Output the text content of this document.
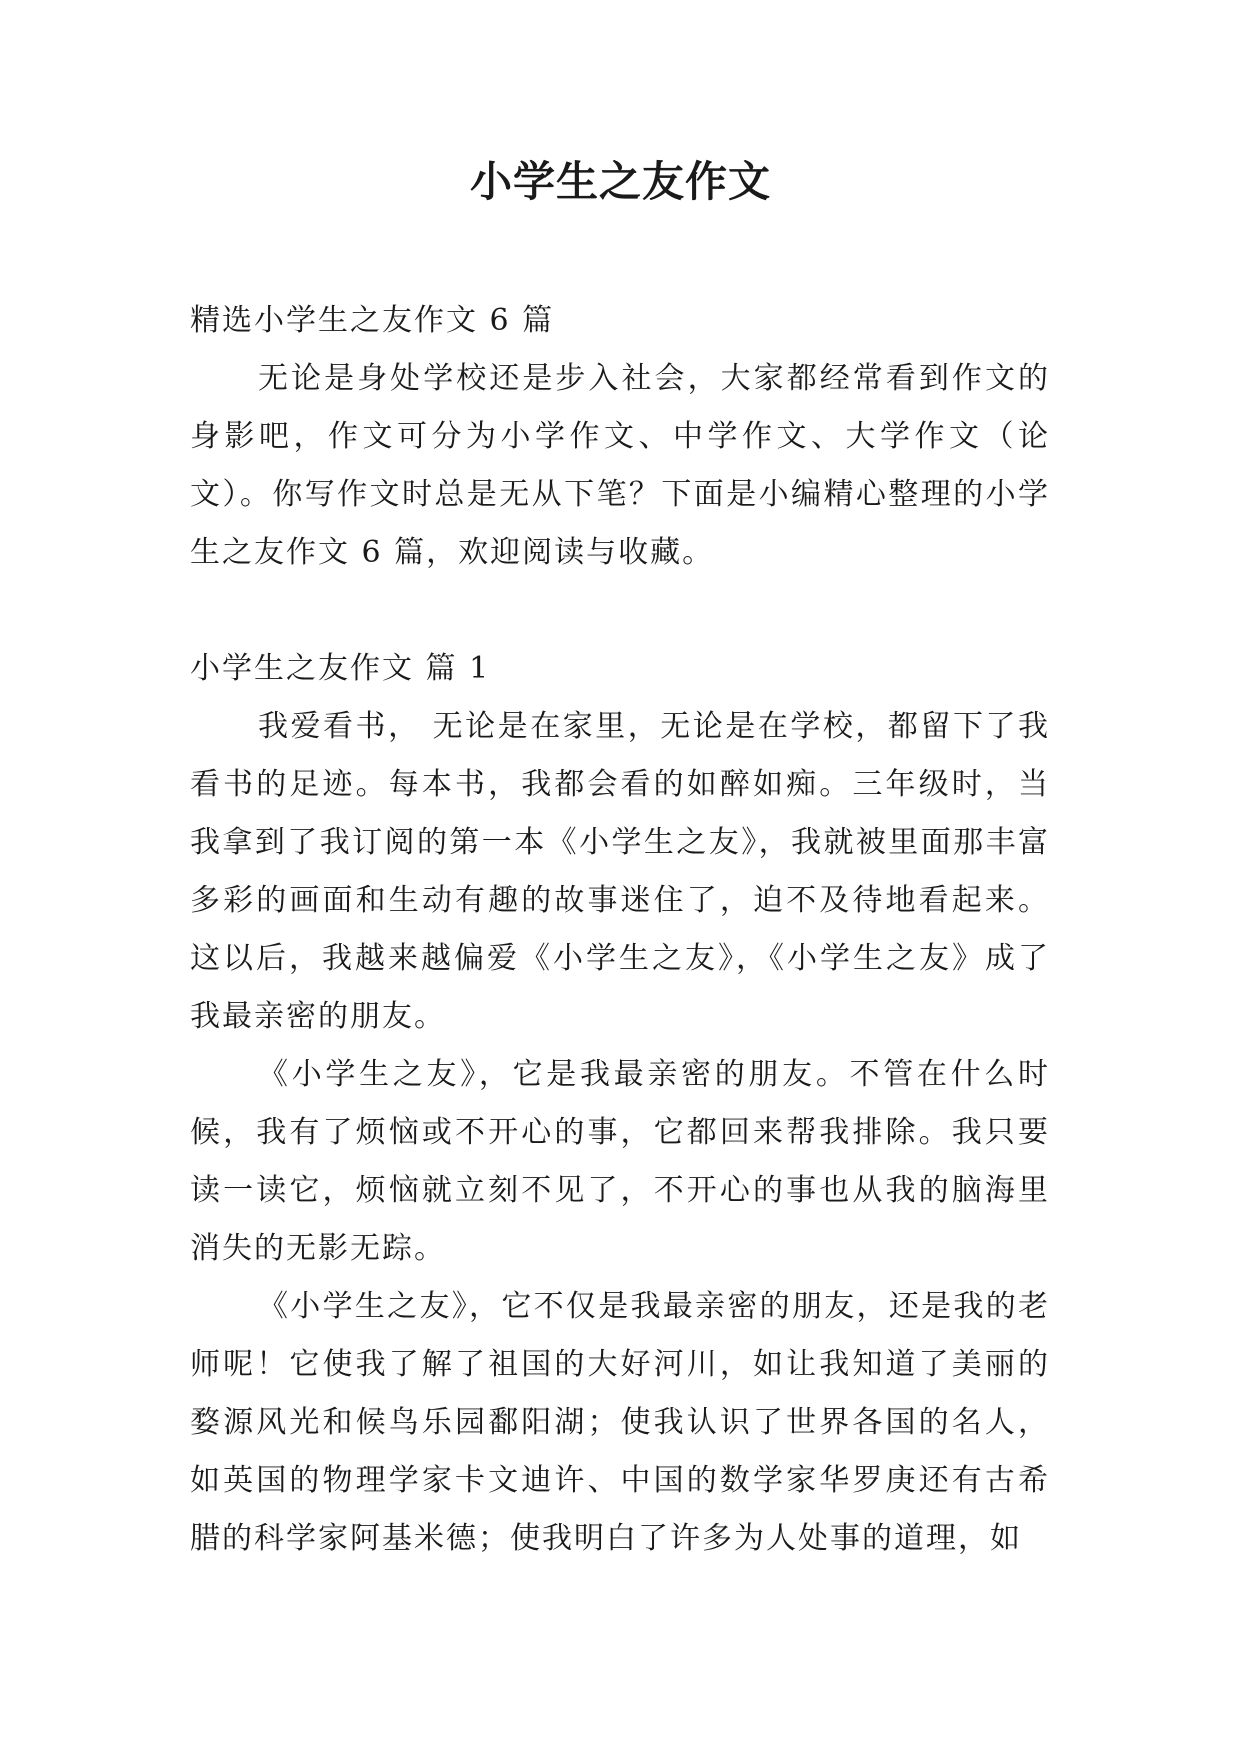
小学生之友作文

精选小学生之友作文 6 篇

无论是身处学校还是步入社会，大家都经常看到作文的身影吧，作文可分为小学作文、中学作文、大学作文（论文）。你写作文时总是无从下笔？下面是小编精心整理的小学生之友作文 6 篇，欢迎阅读与收藏。

小学生之友作文 篇 1

我爱看书， 无论是在家里，无论是在学校，都留下了我看书的足迹。每本书，我都会看的如醉如痴。三年级时，当我拿到了我订阅的第一本《小学生之友》，我就被里面那丰富多彩的画面和生动有趣的故事迷住了，迫不及待地看起来。这以后，我越来越偏爱《小学生之友》，《小学生之友》成了我最亲密的朋友。

《小学生之友》，它是我最亲密的朋友。不管在什么时候，我有了烦恼或不开心的事，它都回来帮我排除。我只要读一读它，烦恼就立刻不见了，不开心的事也从我的脑海里消失的无影无踪。

《小学生之友》，它不仅是我最亲密的朋友，还是我的老师呢！它使我了解了祖国的大好河川，如让我知道了美丽的婺源风光和候鸟乐园鄱阳湖；使我认识了世界各国的名人，如英国的物理学家卡文迪许、中国的数学家华罗庚还有古希腊的科学家阿基米德；使我明白了许多为人处事的道理，如
